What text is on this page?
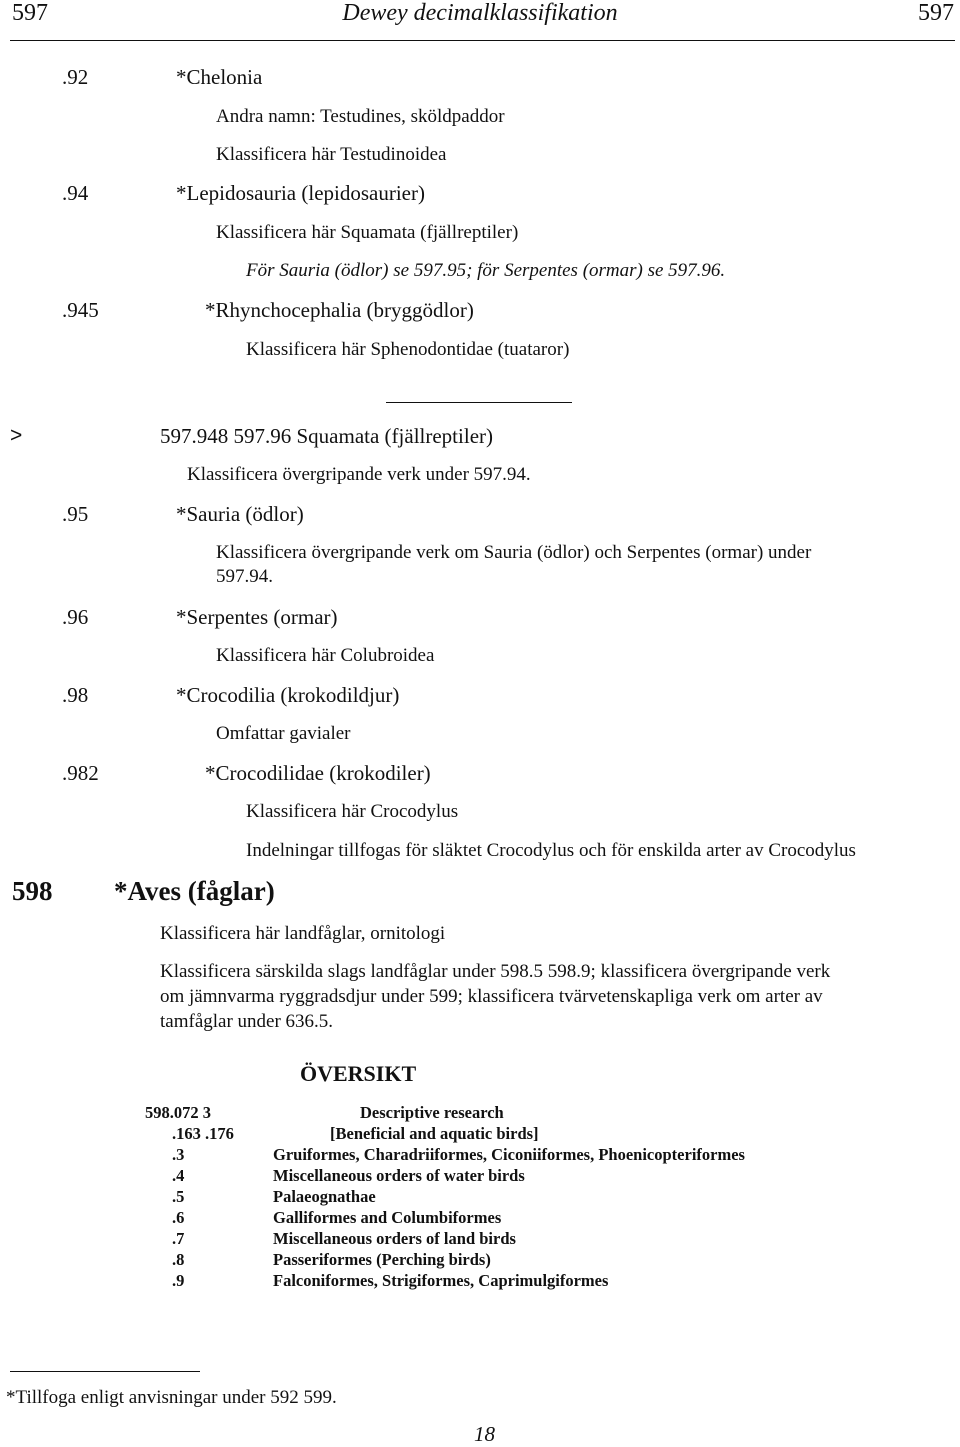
597	Dewey decimalklassifikation	597
.92	*Chelonia
Andra namn: Testudines, sköldpaddor
Klassificera här Testudinoidea
.94	*Lepidosauria (lepidosaurier)
Klassificera här Squamata (fjällreptiler)
För Sauria (ödlor) se 597.95; för Serpentes (ormar) se 597.96.
.945	*Rhynchocephalia (bryggödlor)
Klassificera här Sphenodontidae (tuataror)
>	597.948 597.96 Squamata (fjällreptiler)
Klassificera övergripande verk under 597.94.
.95	*Sauria (ödlor)
Klassificera övergripande verk om Sauria (ödlor) och Serpentes (ormar) under
597.94.
.96	*Serpentes (ormar)
Klassificera här Colubroidea
.98	*Crocodilia (krokodildjur)
Omfattar gavialer
.982	*Crocodilidae (krokodiler)
Klassificera här Crocodylus
Indelningar tillfogas för släktet Crocodylus och för enskilda arter av Crocodylus
598 *Aves (fåglar)
Klassificera här landfåglar, ornitologi
Klassificera särskilda slags landfåglar under 598.5 598.9; klassificera övergripande verk
om jämnvarma ryggradsdjur under 599; klassificera tvärvetenskapliga verk om arter av
tamfåglar under 636.5.
ÖVERSIKT
598.072 3	Descriptive research
.163 .176	[Beneficial and aquatic birds]
.3	Gruiformes, Charadriiformes, Ciconiiformes, Phoenicopteriformes
.4	Miscellaneous orders of water birds
.5	Palaeognathae
.6	Galliformes and Columbiformes
.7	Miscellaneous orders of land birds
.8	Passeriformes (Perching birds)
.9	Falconiformes, Strigiformes, Caprimulgiformes
*Tillfoga enligt anvisningar under 592 599.
18
